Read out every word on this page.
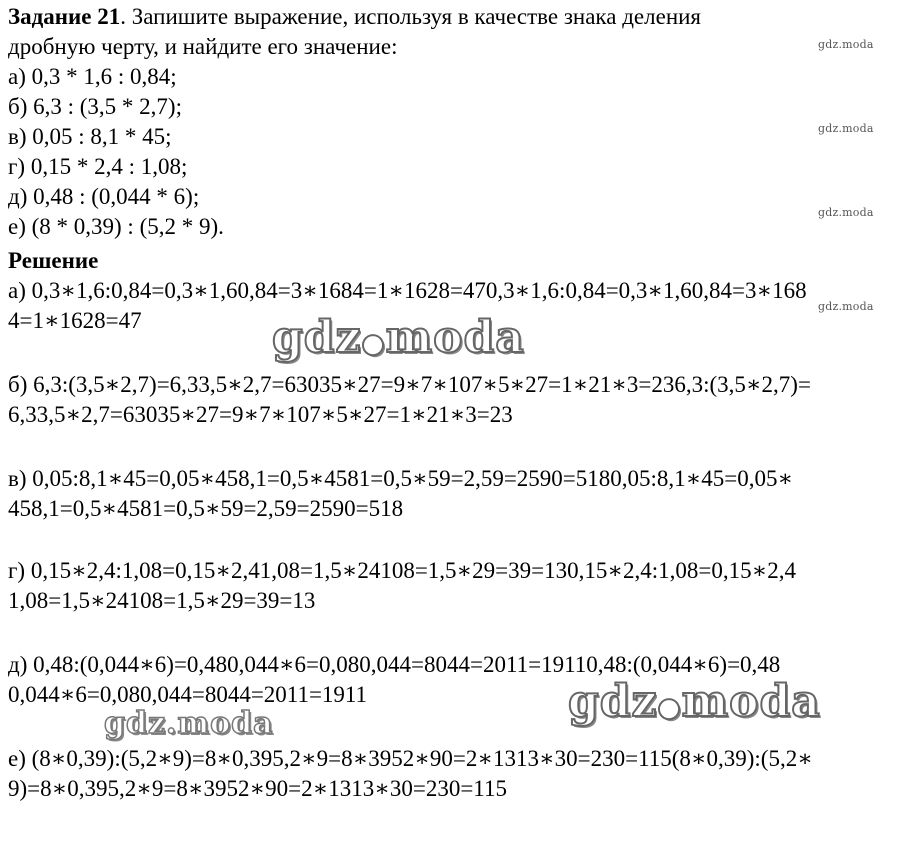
Задание 21. Запишите выражение, используя в качестве знака деления
дробную черту, и найдите его значение:
а) 0,3 * 1,6 : 0,84;
б) 6,3 : (3,5 * 2,7);
в) 0,05 : 8,1 * 45;
г) 0,15 * 2,4 : 1,08;
д) 0,48 : (0,044 * 6);
е) (8 * 0,39) : (5,2 * 9).
Решение
а) 0,3∗1,6:0,84=0,3∗1,60,84=3∗1684=1∗1628=470,3∗1,6:0,84=0,3∗1,60,84=3∗168
4=1∗1628=47
б) 6,3:(3,5∗2,7)=6,33,5∗2,7=63035∗27=9∗7∗107∗5∗27=1∗21∗3=236,3:(3,5∗2,7)=
6,33,5∗2,7=63035∗27=9∗7∗107∗5∗27=1∗21∗3=23
в) 0,05:8,1∗45=0,05∗458,1=0,5∗4581=0,5∗59=2,59=2590=5180,05:8,1∗45=0,05∗
458,1=0,5∗4581=0,5∗59=2,59=2590=518
г) 0,15∗2,4:1,08=0,15∗2,41,08=1,5∗24108=1,5∗29=39=130,15∗2,4:1,08=0,15∗2,4
1,08=1,5∗24108=1,5∗29=39=13
д) 0,48:(0,044∗6)=0,480,044∗6=0,080,044=8044=2011=19110,48:(0,044∗6)=0,48
0,044∗6=0,080,044=8044=2011=1911
е) (8∗0,39):(5,2∗9)=8∗0,395,2∗9=8∗3952∗90=2∗1313∗30=230=115(8∗0,39):(5,2∗
9)=8∗0,395,2∗9=8∗3952∗90=2∗1313∗30=230=115
gdz.moda
gdz.moda
gdz.moda
gdz.moda
gdz●moda
gdz●moda
gdz.moda
